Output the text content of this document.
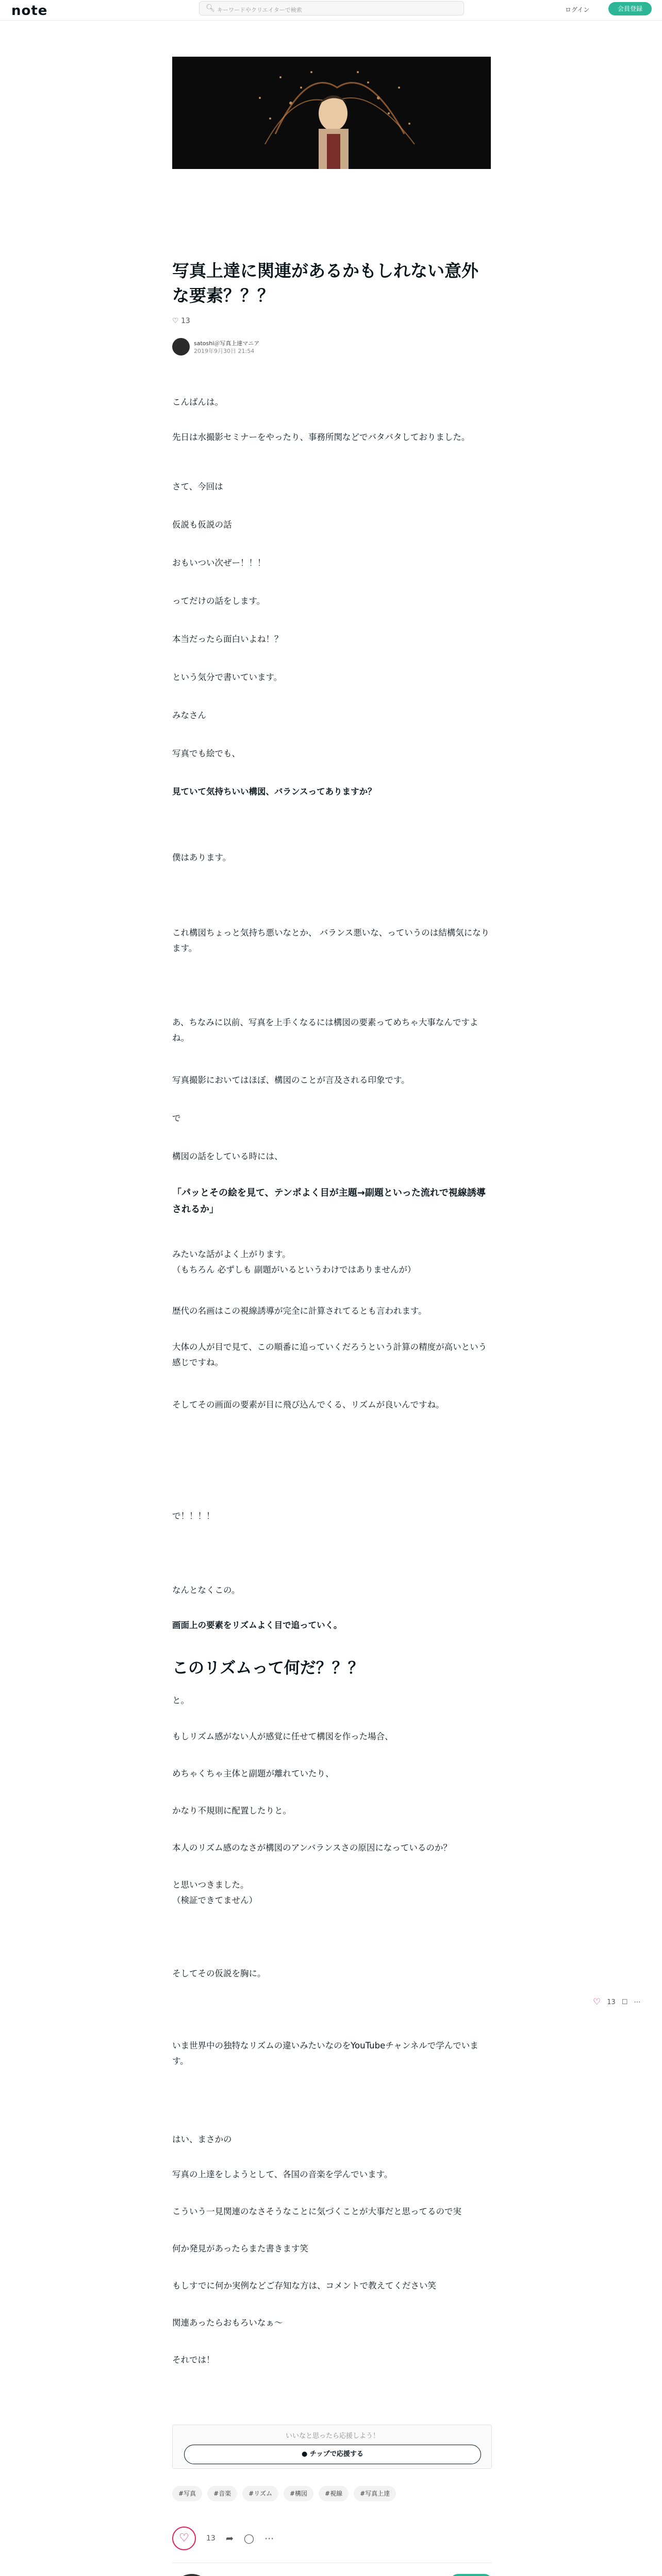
note	🔍︎ キーワードやクリエイターで検索	ログイン	会員登録
写真上達に関連があるかもしれない意外な要素？？？
♡ 13
satoshi＠写真上達マニア
2019年9月30日 21:54
こんばんは。
先日は水撮影セミナーをやったり、事務所関などでバタバタしておりました。
さて、今回は
仮説も仮説の話
おもいつい次ぜー！！！
ってだけの話をします。
本当だったら面白いよね！？
という気分で書いています。
みなさん
写真でも絵でも、
見ていて気持ちいい構図、バランスってありますか？
僕はあります。
これ構図ちょっと気持ち悪いなとか、 バランス悪いな、っていうのは結構気になります。
あ、ちなみに以前、写真を上手くなるには構図の要素ってめちゃ大事なんですよね。
写真撮影においてはほぼ、構図のことが言及される印象です。
で
構図の話をしている時には、
「パッとその絵を見て、テンポよく目が主題→副題といった流れで視線誘導されるか」
みたいな話がよく上がります。
（もちろん 必ずしも 副題がいるというわけではありませんが）
歴代の名画はこの視線誘導が完全に計算されてるとも言われます。
大体の人が目で見て、この順番に追っていくだろうという計算の精度が高いという感じですね。
そしてその画面の要素が目に飛び込んでくる、リズムが良いんですね。
で！！！！
なんとなくこの。
画面上の要素をリズムよく目で追っていく。
このリズムって何だ？？？
と。
もしリズム感がない人が感覚に任せて構図を作った場合、
めちゃくちゃ主体と副題が離れていたり、
かなり不規則に配置したりと。
本人のリズム感のなさが構図のアンバランスさの原因になっているのか？
と思いつきました。
（検証できてません）
そしてその仮説を胸に。
いま世界中の独特なリズムの違いみたいなのをYouTubeチャンネルで学んでいます。
はい、まさかの
写真の上達をしようとして、各国の音楽を学んでいます。
こういう一見関連のなさそうなことに気づくことが大事だと思ってるので実
何か発見があったらまた書きます笑
もしすでに何か実例などご存知な方は、コメントで教えてください笑
関連あったらおもろいなぁ〜
それでは！
♡ 13 ☐ ⋯
いいなと思ったら応援しよう！
● チップで応援する
#写真	#音楽	#リズム	#構図	#視線	#写真上達
♡	13 ➦ ◯ ⋯
